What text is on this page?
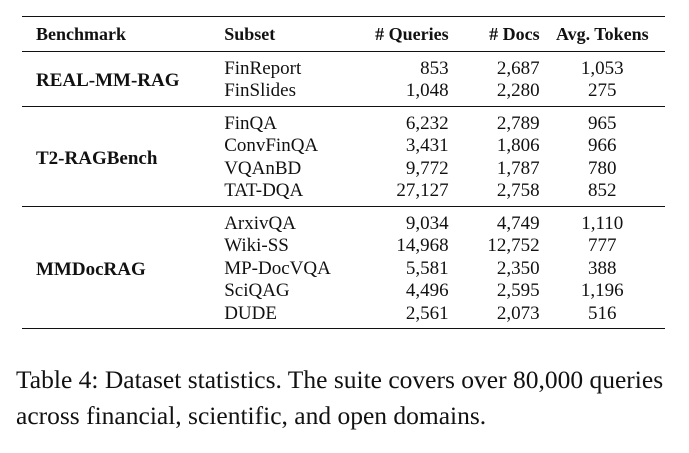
Benchmark	Subset	# Queries	# Docs	Avg. Tokens
REAL-MM-RAG	FinReport	853	2,687	1,053
	FinSlides	1,048	2,280	275
T2-RAGBench	FinQA	6,232	2,789	965
	ConvFinQA	3,431	1,806	966
	VQAnBD	9,772	1,787	780
	TAT-DQA	27,127	2,758	852
MMDocRAG	ArxivQA	9,034	4,749	1,110
	Wiki-SS	14,968	12,752	777
	MP-DocVQA	5,581	2,350	388
	SciQAG	4,496	2,595	1,196
	DUDE	2,561	2,073	516
Table 4: Dataset statistics. The suite covers over 80,000 queries across financial, scientific, and open domains.
